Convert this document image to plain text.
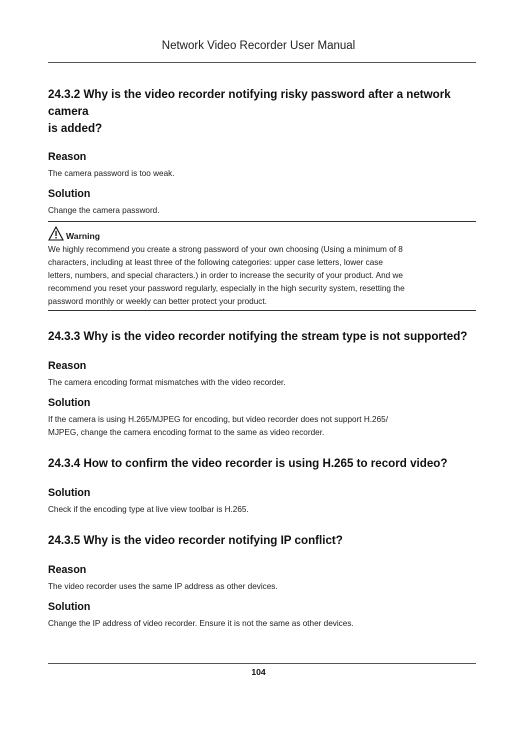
Network Video Recorder User Manual

24.3.2 Why is the video recorder notifying risky password after a network camera
is added?

Reason

The camera password is too weak.

Solution

Change the camera password.

Warning

We highly recommend you create a strong password of your own choosing (Using a minimum of 8
characters, including at least three of the following categories: upper case letters, lower case
letters, numbers, and special characters.) in order to increase the security of your product. And we
recommend you reset your password regularly, especially in the high security system, resetting the
password monthly or weekly can better protect your product.

24.3.3 Why is the video recorder notifying the stream type is not supported?

Reason

The camera encoding format mismatches with the video recorder.

Solution

If the camera is using H.265/MJPEG for encoding, but video recorder does not support H.265/
MJPEG, change the camera encoding format to the same as video recorder.

24.3.4 How to confirm the video recorder is using H.265 to record video?

Solution

Check if the encoding type at live view toolbar is H.265.

24.3.5 Why is the video recorder notifying IP conflict?

Reason

The video recorder uses the same IP address as other devices.

Solution

Change the IP address of video recorder. Ensure it is not the same as other devices.

104
